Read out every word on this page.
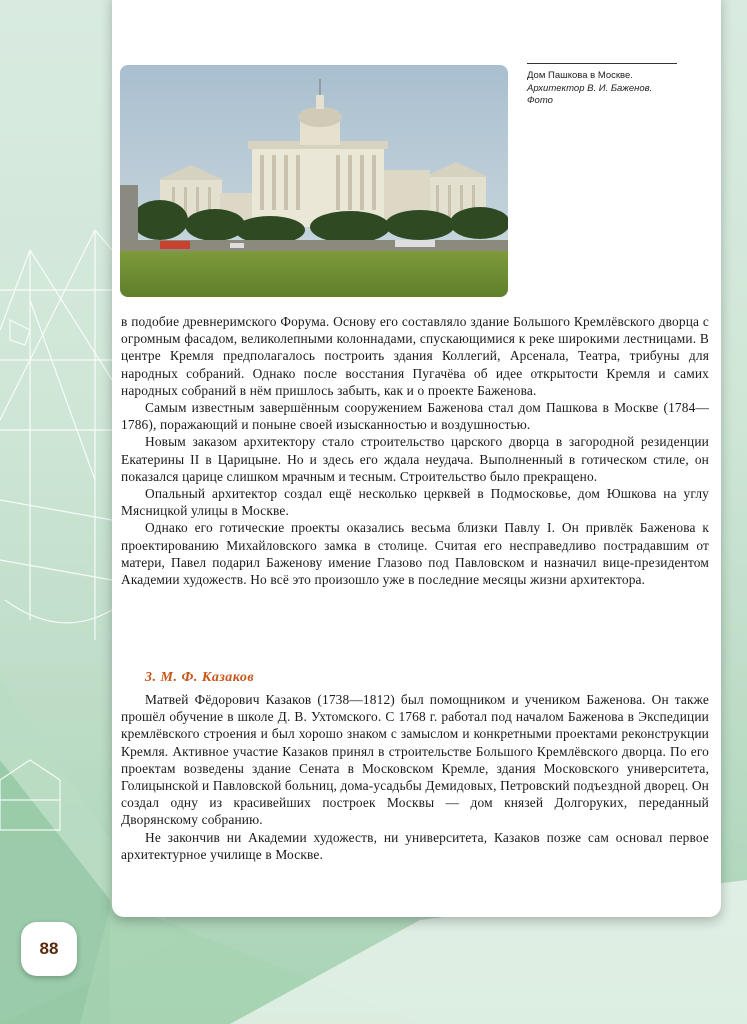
Дом Пашкова в Москве.
Архитектор В. И. Баженов.
Фото

в подобие древнеримского Форума. Основу его составляло здание Большого Кремлёвского дворца с огромным фасадом, великолепными колоннадами, спускающимися к реке широкими лестницами. В центре Кремля предполагалось построить здания Коллегий, Арсенала, Театра, трибуны для народных собраний. Однако после восстания Пугачёва об идее открытости Кремля и самих народных собраний в нём пришлось забыть, как и о проекте Баженова.

Самым известным завершённым сооружением Баженова стал дом Пашкова в Москве (1784—1786), поражающий и поныне своей изысканностью и воздушностью.

Новым заказом архитектору стало строительство царского дворца в загородной резиденции Екатерины II в Царицыне. Но и здесь его ждала неудача. Выполненный в готическом стиле, он показался царице слишком мрачным и тесным. Строительство было прекращено.

Опальный архитектор создал ещё несколько церквей в Подмосковье, дом Юшкова на углу Мясницкой улицы в Москве.

Однако его готические проекты оказались весьма близки Павлу I. Он привлёк Баженова к проектированию Михайловского замка в столице. Считая его несправедливо пострадавшим от матери, Павел подарил Баженову имение Глазово под Павловском и назначил вице-президентом Академии художеств. Но всё это произошло уже в последние месяцы жизни архитектора.

3. М. Ф. Казаков

Матвей Фёдорович Казаков (1738—1812) был помощником и учеником Баженова. Он также прошёл обучение в школе Д. В. Ухтомского. С 1768 г. работал под началом Баженова в Экспедиции кремлёвского строения и был хорошо знаком с замыслом и конкретными проектами реконструкции Кремля. Активное участие Казаков принял в строительстве Большого Кремлёвского дворца. По его проектам возведены здание Сената в Московском Кремле, здания Московского университета, Голицынской и Павловской больниц, дома-усадьбы Демидовых, Петровский подъездной дворец. Он создал одну из красивейших построек Москвы — дом князей Долгоруких, переданный Дворянскому собранию.

Не закончив ни Академии художеств, ни университета, Казаков позже сам основал первое архитектурное училище в Москве.

88
